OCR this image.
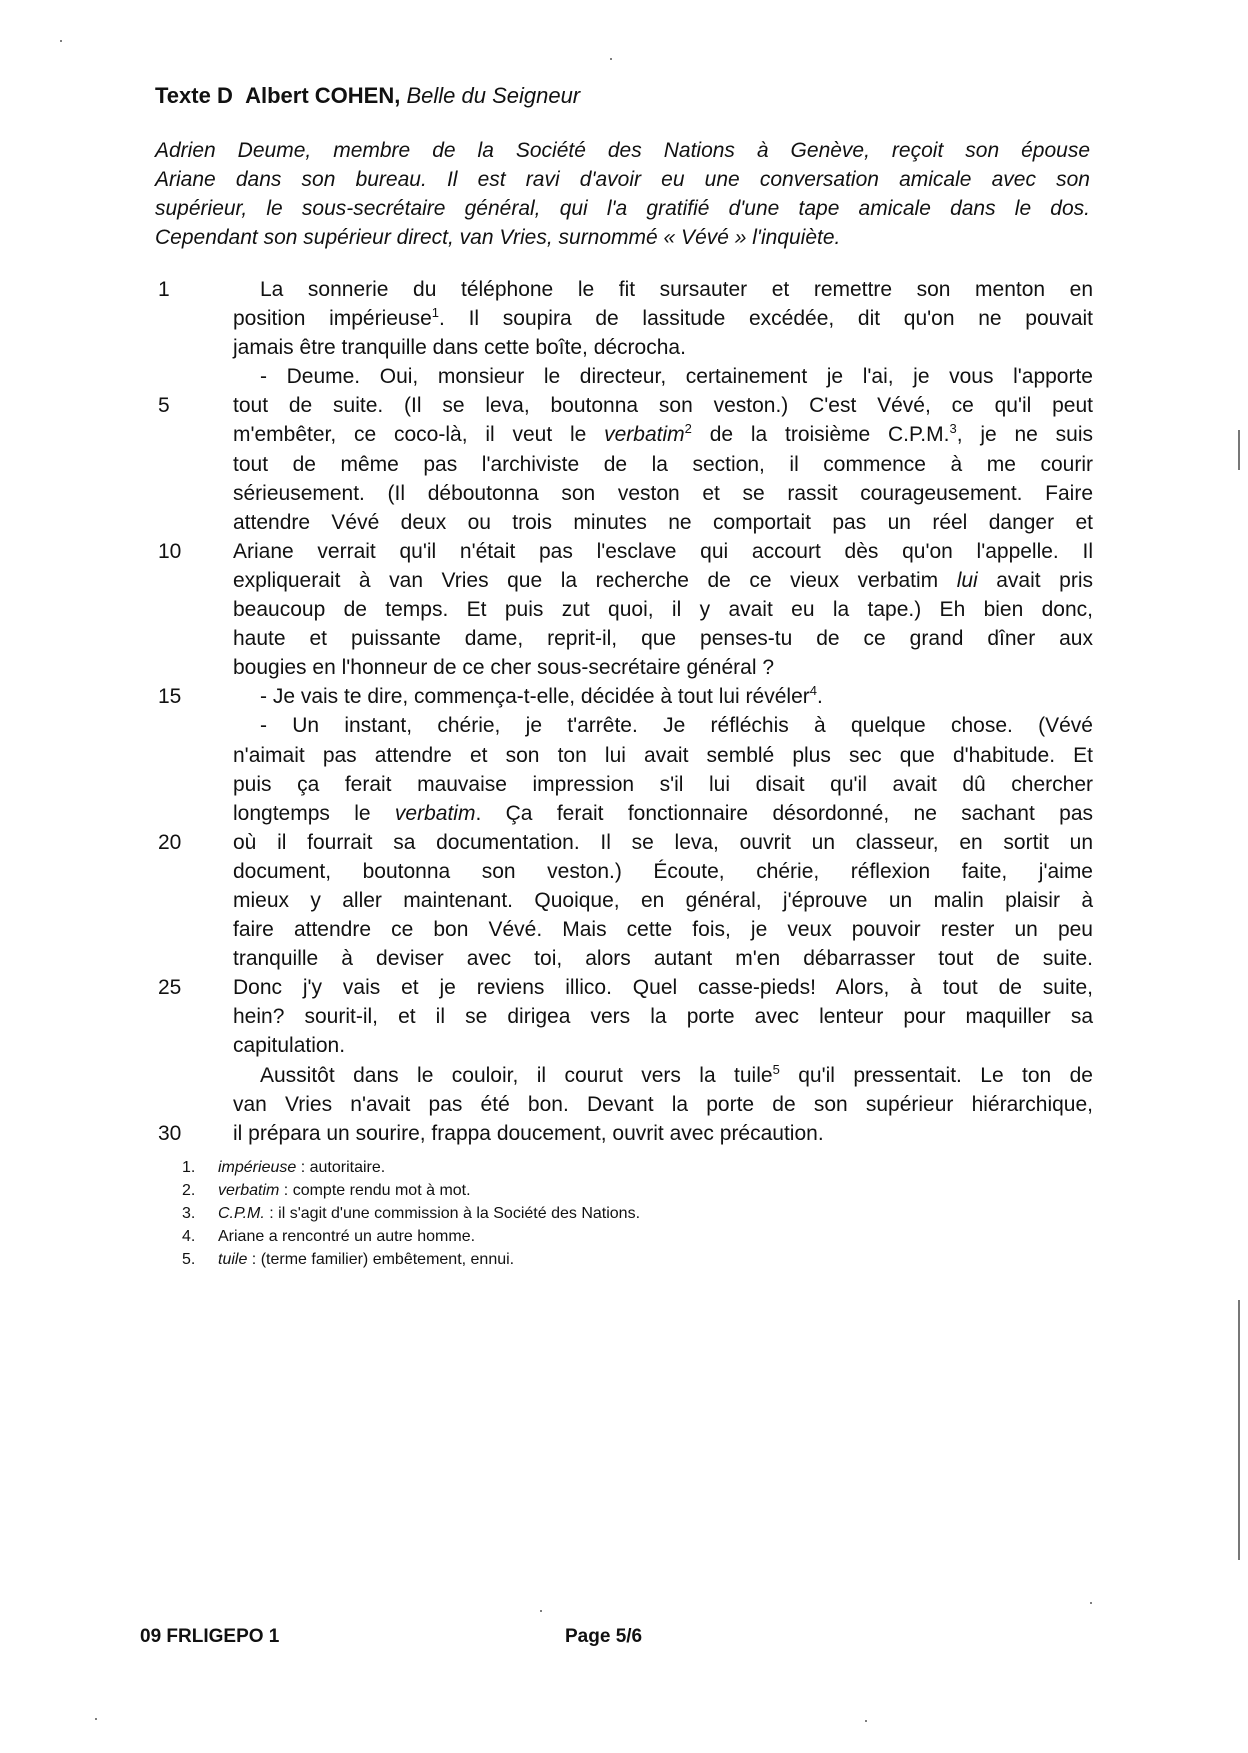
Texte D Albert COHEN, Belle du Seigneur
Adrien Deume, membre de la Société des Nations à Genève, reçoit son épouse
Ariane dans son bureau. Il est ravi d'avoir eu une conversation amicale avec son
supérieur, le sous-secrétaire général, qui l'a gratifié d'une tape amicale dans le dos.
Cependant son supérieur direct, van Vries, surnommé « Vévé » l'inquiète.
1	La sonnerie du téléphone le fit sursauter et remettre son menton en
position impérieuse$^1$. Il soupira de lassitude excédée, dit qu'on ne pouvait
jamais être tranquille dans cette boîte, décrocha.
- Deume. Oui, monsieur le directeur, certainement je l'ai, je vous l'apporte
5	tout de suite. (Il se leva, boutonna son veston.) C'est Vévé, ce qu'il peut
m'embêter, ce coco-là, il veut le verbatim$^2$ de la troisième C.P.M.$^3$, je ne suis
tout de même pas l'archiviste de la section, il commence à me courir
sérieusement. (Il déboutonna son veston et se rassit courageusement. Faire
attendre Vévé deux ou trois minutes ne comportait pas un réel danger et
10	Ariane verrait qu'il n'était pas l'esclave qui accourt dès qu'on l'appelle. Il
expliquerait à van Vries que la recherche de ce vieux verbatim lui avait pris
beaucoup de temps. Et puis zut quoi, il y avait eu la tape.) Eh bien donc,
haute et puissante dame, reprit-il, que penses-tu de ce grand dîner aux
bougies en l'honneur de ce cher sous-secrétaire général ?
15	- Je vais te dire, commença-t-elle, décidée à tout lui révéler$^4$.
- Un instant, chérie, je t'arrête. Je réfléchis à quelque chose. (Vévé
n'aimait pas attendre et son ton lui avait semblé plus sec que d'habitude. Et
puis ça ferait mauvaise impression s'il lui disait qu'il avait dû chercher
longtemps le verbatim. Ça ferait fonctionnaire désordonné, ne sachant pas
20	où il fourrait sa documentation. Il se leva, ouvrit un classeur, en sortit un
document, boutonna son veston.) Écoute, chérie, réflexion faite, j'aime
mieux y aller maintenant. Quoique, en général, j'éprouve un malin plaisir à
faire attendre ce bon Vévé. Mais cette fois, je veux pouvoir rester un peu
tranquille à deviser avec toi, alors autant m'en débarrasser tout de suite.
25	Donc j'y vais et je reviens illico. Quel casse-pieds! Alors, à tout de suite,
hein? sourit-il, et il se dirigea vers la porte avec lenteur pour maquiller sa
capitulation.
Aussitôt dans le couloir, il courut vers la tuile$^5$ qu'il pressentait. Le ton de
van Vries n'avait pas été bon. Devant la porte de son supérieur hiérarchique,
30	il prépara un sourire, frappa doucement, ouvrit avec précaution.
1. impérieuse : autoritaire.
2. verbatim : compte rendu mot à mot.
3. C.P.M. : il s'agit d'une commission à la Société des Nations.
4. Ariane a rencontré un autre homme.
5. tuile : (terme familier) embêtement, ennui.
09 FRLIGEPO 1	Page 5/6
